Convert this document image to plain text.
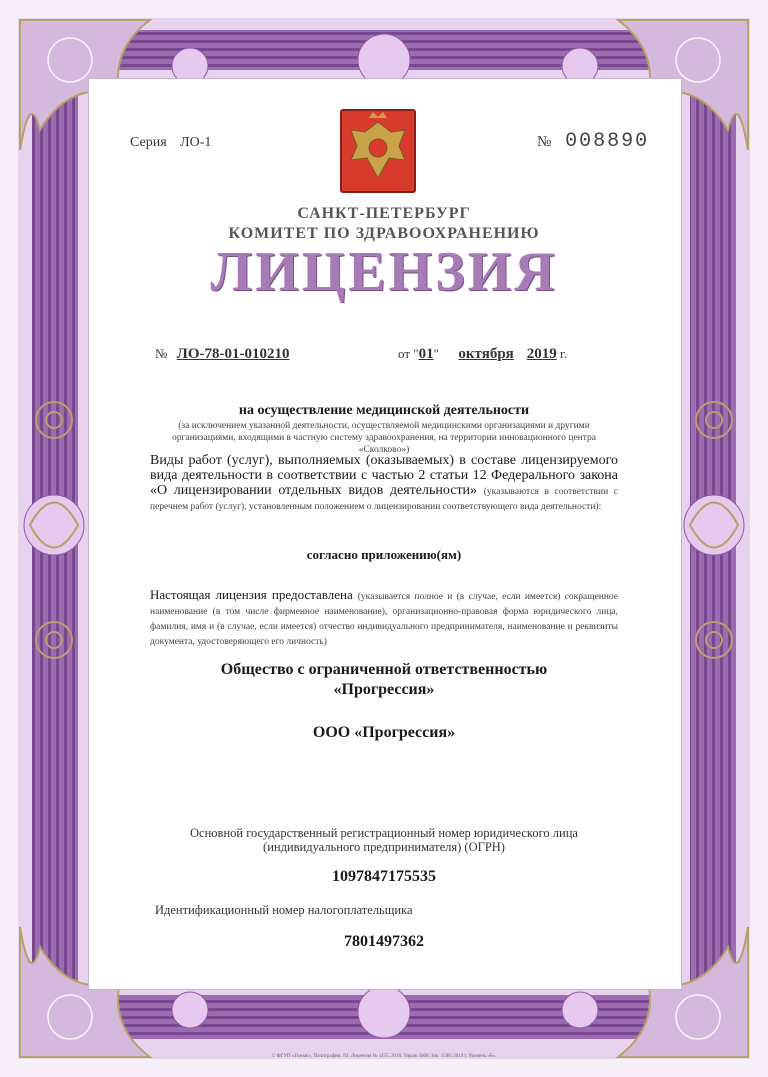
Серия ЛО-1	№ 008890
САНКТ-ПЕТЕРБУРГ
КОМИТЕТ ПО ЗДРАВООХРАНЕНИЮ
ЛИЦЕНЗИЯ
№ ЛО-78-01-010210	от "01"      октября 2019 г.
на осуществление медицинской деятельности
(за исключением указанной деятельности, осуществляемой медицинскими организациями и другими организациями, входящими в частную систему здравоохранения, на территории инновационного центра «Сколково»)
Виды работ (услуг), выполняемых (оказываемых) в составе лицензируемого вида деятельности в соответствии с частью 2 статьи 12 Федерального закона «О лицензировании отдельных видов деятельности» (указываются в соответствии с перечнем работ (услуг), установленным положением о лицензировании соответствующего вида деятельности):
согласно приложению(ям)
Настоящая лицензия предоставлена (указывается полное и (в случае, если имеется) сокращенное наименование (в том числе фирменное наименование), организационно-правовая форма юридического лица, фамилия, имя и (в случае, если имеется) отчество индивидуального предпринимателя, наименование и реквизиты документа, удостоверяющего его личность)
Общество с ограниченной ответственностью
«Прогрессия»
ООО «Прогрессия»
Основной государственный регистрационный номер юридического лица (индивидуального предпринимателя) (ОГРН)
1097847175535
Идентификационный номер налогоплательщика
7801497362
© ФГУП «Гознак», Полиграфия; ЛЗ, Лицензия № 1155, 2018. Тираж 5000, Зак. 1590, 2019 г. Уровень «Б».
